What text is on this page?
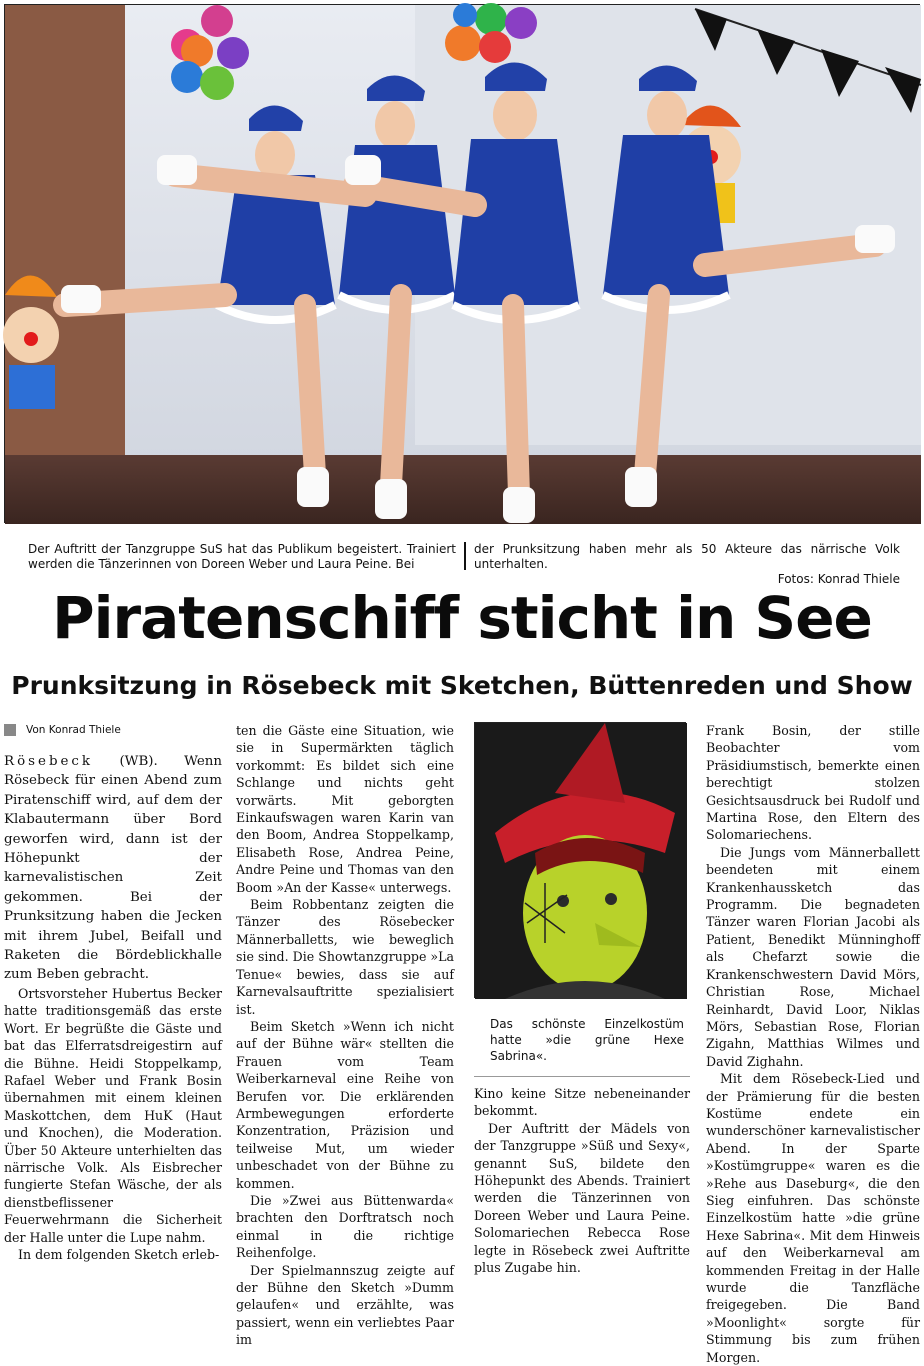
Der Auftritt der Tanzgruppe SuS hat das Publikum begeistert. Trainiert werden die Tänzerinnen von Doreen Weber und Laura Peine. Bei
der Prunksitzung haben mehr als 50 Akteure das närrische Volk unterhalten.
Fotos: Konrad Thiele
Piratenschiff sticht in See
Prunksitzung in Rösebeck mit Sketchen, Büttenreden und Show
Von Konrad Thiele

Rösebeck (WB). Wenn Rösebeck für einen Abend zum Piratenschiff wird, auf dem der Klabautermann über Bord geworfen wird, dann ist der Höhepunkt der karnevalistischen Zeit gekommen. Bei der Prunksitzung haben die Jecken mit ihrem Jubel, Beifall und Raketen die Bördeblickhalle zum Beben gebracht.

Ortsvorsteher Hubertus Becker hatte traditionsgemäß das erste Wort. Er begrüßte die Gäste und bat das Elferratsdreigestirn auf die Bühne. Heidi Stoppelkamp, Rafael Weber und Frank Bosin übernahmen mit einem kleinen Maskottchen, dem HuK (Haut und Knochen), die Moderation. Über 50 Akteure unterhielten das närrische Volk. Als Eisbrecher fungierte Stefan Wäsche, der als dienstbeflissener Feuerwehrmann die Sicherheit der Halle unter die Lupe nahm.

In dem folgenden Sketch erleb-

ten die Gäste eine Situation, wie sie in Supermärkten täglich vorkommt: Es bildet sich eine Schlange und nichts geht vorwärts. Mit geborgten Einkaufswagen waren Karin van den Boom, Andrea Stoppelkamp, Elisabeth Rose, Andrea Peine, Andre Peine und Thomas van den Boom »An der Kasse« unterwegs.

Beim Robbentanz zeigten die Tänzer des Rösebecker Männerballetts, wie beweglich sie sind. Die Showtanzgruppe »La Tenue« bewies, dass sie auf Karnevalsauftritte spezialisiert ist.

Beim Sketch »Wenn ich nicht auf der Bühne wär« stellten die Frauen vom Team Weiberkarneval eine Reihe von Berufen vor. Die erklärenden Armbewegungen erforderte Konzentration, Präzision und teilweise Mut, um wieder unbeschadet von der Bühne zu kommen.

Die »Zwei aus Büttenwarda« brachten den Dorftratsch noch einmal in die richtige Reihenfolge.

Der Spielmannszug zeigte auf der Bühne den Sketch »Dumm gelaufen« und erzählte, was passiert, wenn ein verliebtes Paar im

Das schönste Einzelkostüm hatte »die grüne Hexe Sabrina«.

Kino keine Sitze nebeneinander bekommt.

Der Auftritt der Mädels von der Tanzgruppe »Süß und Sexy«, genannt SuS, bildete den Höhepunkt des Abends. Trainiert werden die Tänzerinnen von Doreen Weber und Laura Peine. Solomariechen Rebecca Rose legte in Rösebeck zwei Auftritte plus Zugabe hin.

Frank Bosin, der stille Beobachter vom Präsidiumstisch, bemerkte einen berechtigt stolzen Gesichtsausdruck bei Rudolf und Martina Rose, den Eltern des Solomariechens.

Die Jungs vom Männerballett beendeten mit einem Krankenhaussketch das Programm. Die begnadeten Tänzer waren Florian Jacobi als Patient, Benedikt Münninghoff als Chefarzt sowie die Krankenschwestern David Mörs, Christian Rose, Michael Reinhardt, David Loor, Niklas Mörs, Sebastian Rose, Florian Zigahn, Matthias Wilmes und David Zighahn.

Mit dem Rösebeck-Lied und der Prämierung für die besten Kostüme endete ein wunderschöner karnevalistischer Abend. In der Sparte »Kostümgruppe« waren es die »Rehe aus Daseburg«, die den Sieg einfuhren. Das schönste Einzelkostüm hatte »die grüne Hexe Sabrina«. Mit dem Hinweis auf den Weiberkarneval am kommenden Freitag in der Halle wurde die Tanzfläche freigegeben. Die Band »Moonlight« sorgte für Stimmung bis zum frühen Morgen.
